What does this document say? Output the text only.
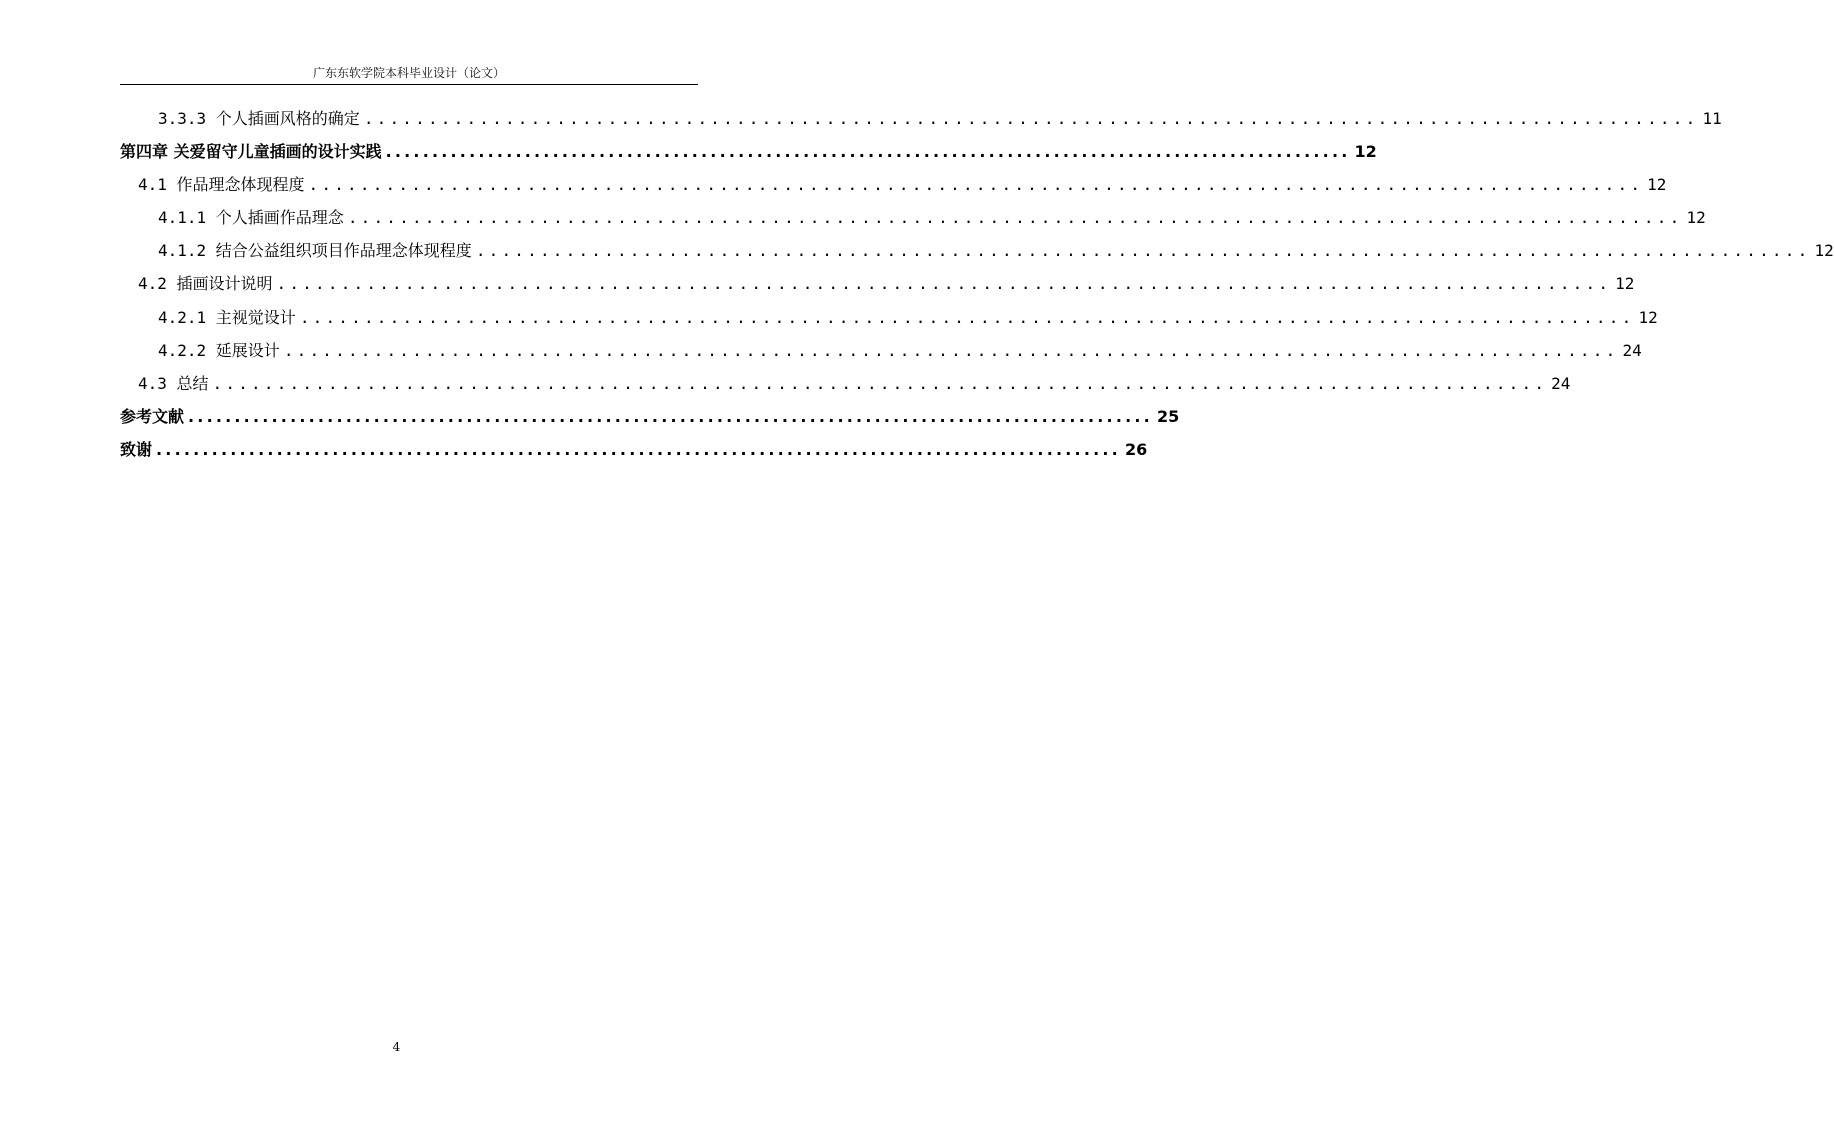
广东东软学院本科毕业设计（论文）
3.3.3 个人插画风格的确定 ........................................................................................................ 11
第四章 关爱留守儿童插画的设计实践 ........................................................................................................ 12
4.1 作品理念体现程度 ........................................................................................................ 12
4.1.1 个人插画作品理念 ........................................................................................................ 12
4.1.2 结合公益组织项目作品理念体现程度 ........................................................................................................ 12
4.2 插画设计说明 ........................................................................................................ 12
4.2.1 主视觉设计 ........................................................................................................ 12
4.2.2 延展设计 ........................................................................................................ 24
4.3 总结 ........................................................................................................ 24
参考文献 ........................................................................................................ 25
致谢 ........................................................................................................ 26
4
